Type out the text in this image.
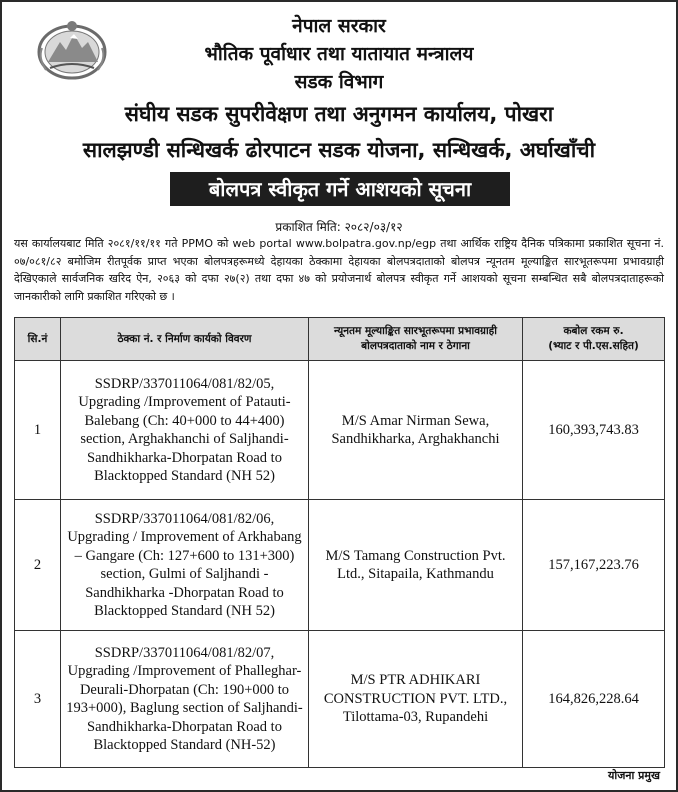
नेपाल सरकार
भौतिक पूर्वाधार तथा यातायात मन्त्रालय
सडक विभाग
संघीय सडक सुपरीवेक्षण तथा अनुगमन कार्यालय, पोखरा
सालझण्डी सन्धिखर्क ढोरपाटन सडक योजना, सन्धिखर्क, अर्घाखाँची
बोलपत्र स्वीकृत गर्ने आशयको सूचना
प्रकाशित मिति: २०८२/०३/१२
यस कार्यालयबाट मिति २०८१/११/११ गते PPMO को web portal www.bolpatra.gov.np/egp तथा आर्थिक राष्ट्रिय दैनिक पत्रिकामा प्रकाशित सूचना नं. ०७/०८१/८२ बमोजिम रीतपूर्वक प्राप्त भएका बोलपत्रहरूमध्ये देहायका ठेक्कामा देहायका बोलपत्रदाताको बोलपत्र न्यूनतम मूल्याङ्कित सारभूतरूपमा प्रभावग्राही देखिएकाले सार्वजनिक खरिद ऐन, २०६३ को दफा २७(२) तथा दफा ४७ को प्रयोजनार्थ बोलपत्र स्वीकृत गर्ने आशयको सूचना सम्बन्धित सबै बोलपत्रदाताहरूको जानकारीको लागि प्रकाशित गरिएको छ ।
सि.नं	ठेक्का नं. र निर्माण कार्यको विवरण	न्यूनतम मूल्याङ्कित सारभूतरूपमा प्रभावग्राही बोलपत्रदाताको नाम र ठेगाना	कबोल रकम रु.
(भ्याट र पी.एस.सहित)

1	SSDRP/337011064/081/82/05, Upgrading /Improvement of Patauti-Balebang (Ch: 40+000 to 44+400) section, Arghakhanchi of Saljhandi-Sandhikharka-Dhorpatan Road to Blacktopped Standard (NH 52)	M/S Amar Nirman Sewa, Sandhikharka, Arghakhanchi	160,393,743.83
2	SSDRP/337011064/081/82/06, Upgrading / Improvement of Arkhabang – Gangare (Ch: 127+600 to 131+300) section, Gulmi of Saljhandi - Sandhikharka -Dhorpatan Road to Blacktopped Standard (NH 52)	M/S Tamang Construction Pvt. Ltd., Sitapaila, Kathmandu	157,167,223.76
3	SSDRP/337011064/081/82/07, Upgrading /Improvement of Phalleghar-Deurali-Dhorpatan (Ch: 190+000 to 193+000), Baglung section of Saljhandi-Sandhikharka-Dhorpatan Road to Blacktopped Standard (NH-52)	M/S PTR ADHIKARI CONSTRUCTION PVT. LTD., Tilottama-03, Rupandehi	164,826,228.64
योजना प्रमुख
